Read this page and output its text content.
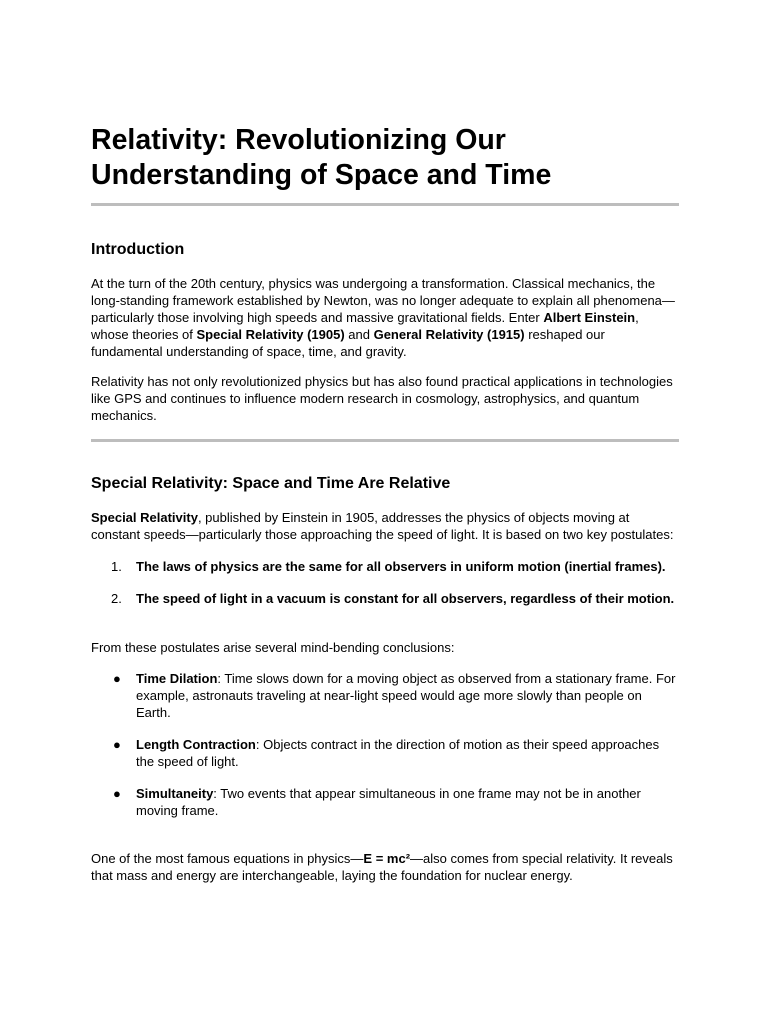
Relativity: Revolutionizing Our
Understanding of Space and Time
Introduction

At the turn of the 20th century, physics was undergoing a transformation. Classical mechanics, the long-standing framework established by Newton, was no longer adequate to explain all phenomena—particularly those involving high speeds and massive gravitational fields. Enter Albert Einstein, whose theories of Special Relativity (1905) and General Relativity (1915) reshaped our fundamental understanding of space, time, and gravity.

Relativity has not only revolutionized physics but has also found practical applications in technologies like GPS and continues to influence modern research in cosmology, astrophysics, and quantum mechanics.

Special Relativity: Space and Time Are Relative

Special Relativity, published by Einstein in 1905, addresses the physics of objects moving at constant speeds—particularly those approaching the speed of light. It is based on two key postulates:

1. The laws of physics are the same for all observers in uniform motion (inertial frames).
2. The speed of light in a vacuum is constant for all observers, regardless of their motion.

From these postulates arise several mind-bending conclusions:

● Time Dilation: Time slows down for a moving object as observed from a stationary frame. For example, astronauts traveling at near-light speed would age more slowly than people on Earth.
● Length Contraction: Objects contract in the direction of motion as their speed approaches the speed of light.
● Simultaneity: Two events that appear simultaneous in one frame may not be in another moving frame.

One of the most famous equations in physics—E = mc²—also comes from special relativity. It reveals that mass and energy are interchangeable, laying the foundation for nuclear energy.
